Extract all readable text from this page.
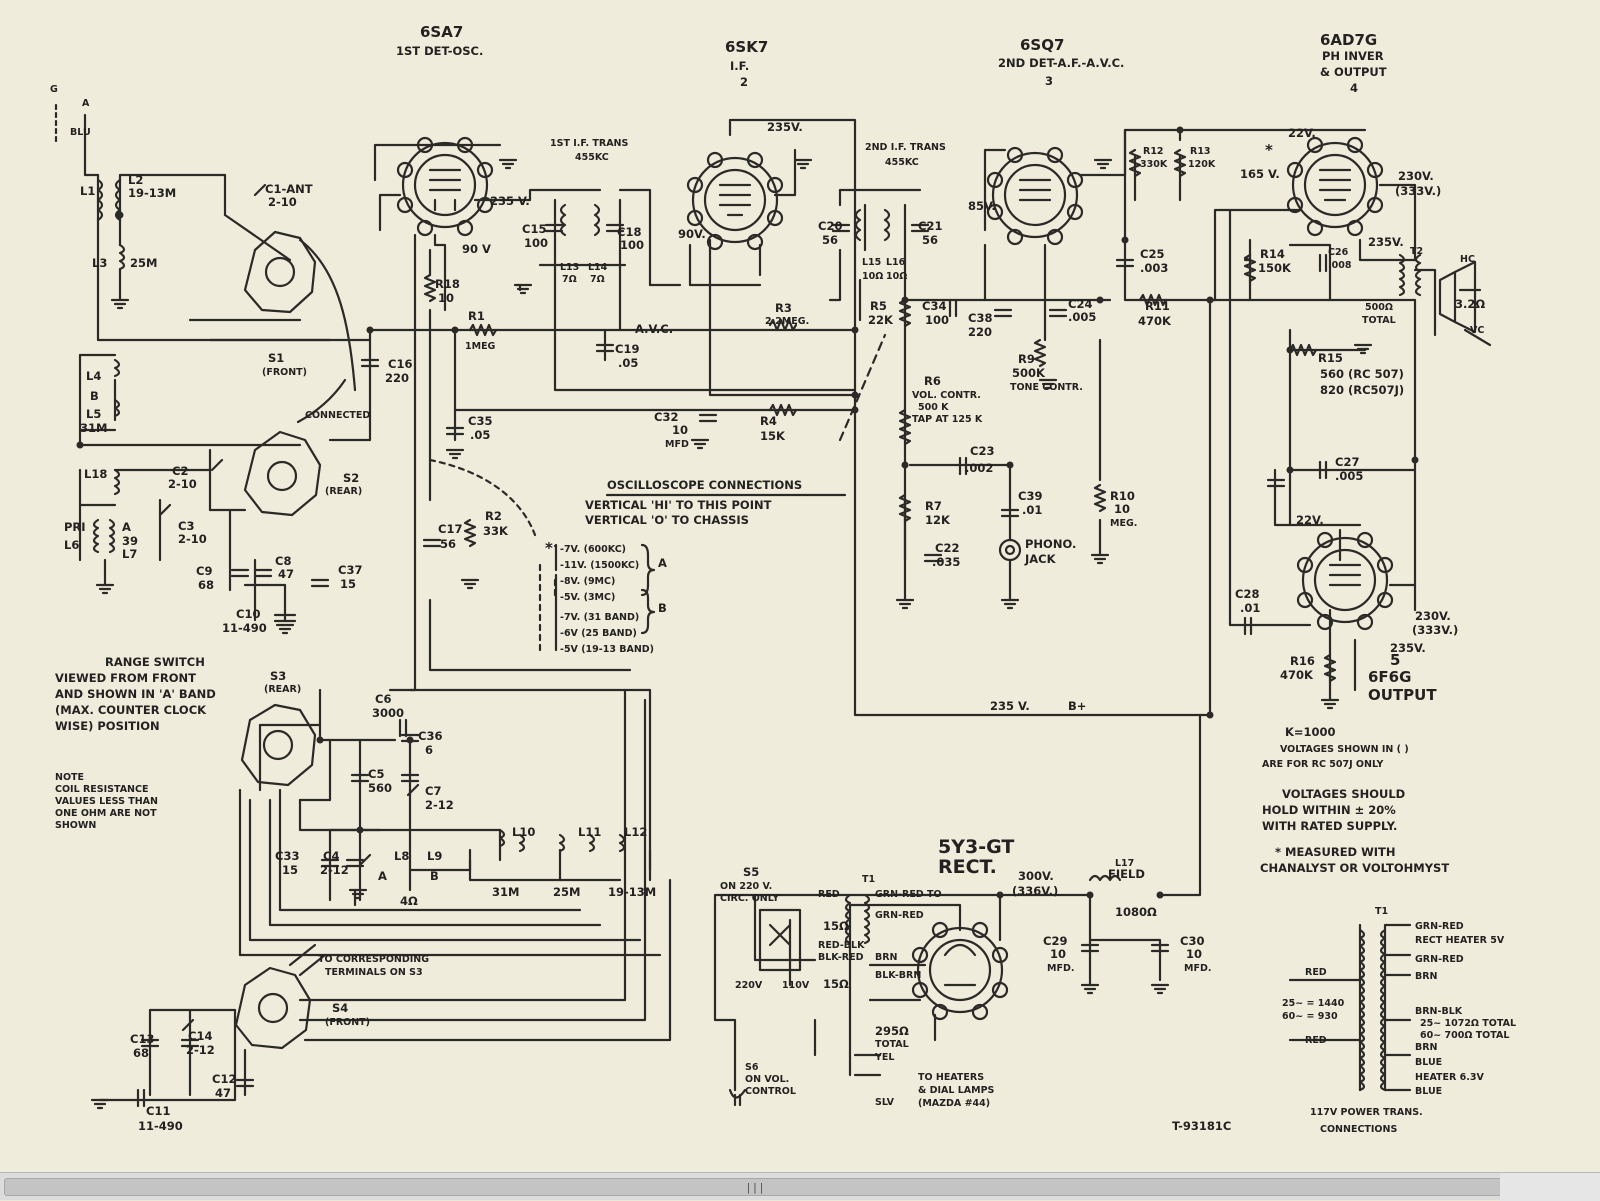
6SA7
1ST DET-OSC.	6SK7
I.F.
2
6SQ7
2ND DET-A.F.-A.V.C.
3
6AD7G
PH INVER
& OUTPUT
4
5
6F6G
OUTPUT
5Y3-GT
RECT.
G
A
BLU
1ST I.F. TRANS
455KC
2ND I.F. TRANS
455KC
C1-ANT
2-10
L1
L2
19-13M
L3 25M
L4
B
L5
31M
L18
PRI
L6
A
39
L7
C2
2-10
C3
2-10
C9
68
C8
47
C10
11-490
S1
(FRONT)
S2
(REAR)
CONNECTED
C16
220
R18
10
90 V
235 V.
R1
1MEG
A.V.C.
C35
.05
C15
100
C18
100
L13
7Ω
L14
7Ω
C19
.05
C32
10
MFD
R4
15K
R3
2.2MEG.
90V.
235V.
C20
56
C21
56
L15 L16
10Ω 10Ω
R5
22K
C34
100
85V.
C38
220
C24
.005
R9
500K
TONE CONTR.
R6
VOL. CONTR.
500 K
TAP AT 125 K
C23
.002
R7
12K
C22
.035
C39
.01
PHONO.
JACK
R10
10
MEG.
R12
330K
R13
120K
C25
.003
R11
470K
R14
150K
C26
.008
22V.
*
165 V.	230V.
(333V.)
235V.
T2
HC
3.2Ω
VC
500Ω
TOTAL
R15
560 (RC 507)
820 (RC507J)
C27
.005
22V.
C28
.01
R16
470K
230V.
(333V.)
235V.
235 V.	B+
C6
3000
C36
6
C5
560	C7
2-12
C33
15
C4
2-12
L8
A
4Ω
L9
B
L10
31M
L11
25M
L12
19-13M
S3
(REAR)
C37
15
C17
56
R2
33K
S4
(FRONT)
C13
68
C14
2-12
C12
47
C11
11-490
S5
ON 220 V.
CIRC. ONLY
S6
ON VOL.
CONTROL
T1
RED	GRN-RED TO
GRN-RED
300V.
(336V.)
L17
FIELD
1080Ω
C29
10
MFD.
C30
10
MFD.
220V 110V
15Ω
15Ω
RED-BLK
BLK-RED BRN
BLK-BRN
YEL
SLV
295Ω
TOTAL
TO HEATERS
& DIAL LAMPS
(MAZDA #44)
TO CORRESPONDING
TERMINALS ON S3
T-93181C
OSCILLOSCOPE CONNECTIONS
VERTICAL 'HI' TO THIS POINT
VERTICAL 'O' TO CHASSIS
*
A
B
-7V. (600KC)
-11V. (1500KC)
-8V. (9MC)
-5V. (3MC)
-7V. (31 BAND)
-6V (25 BAND)
-5V (19-13 BAND)
RANGE SWITCH
VIEWED FROM FRONT
AND SHOWN IN 'A' BAND
(MAX. COUNTER CLOCK
WISE) POSITION
NOTE
COIL RESISTANCE
VALUES LESS THAN
ONE OHM ARE NOT
SHOWN
K=1000
VOLTAGES SHOWN IN ( )
ARE FOR RC 507J ONLY
VOLTAGES SHOULD
HOLD WITHIN ± 20%
WITH RATED SUPPLY.
* MEASURED WITH
CHANALYST OR VOLTOHMYST
T1
GRN-RED
RECT HEATER 5V
GRN-RED
BRN
BRN-BLK
25~ 1072Ω TOTAL
60~ 700Ω TOTAL
BRN
BLUE
HEATER 6.3V
BLUE
RED
RED
25~ = 1440
60~ = 930
117V POWER TRANS.
CONNECTIONS
|||
